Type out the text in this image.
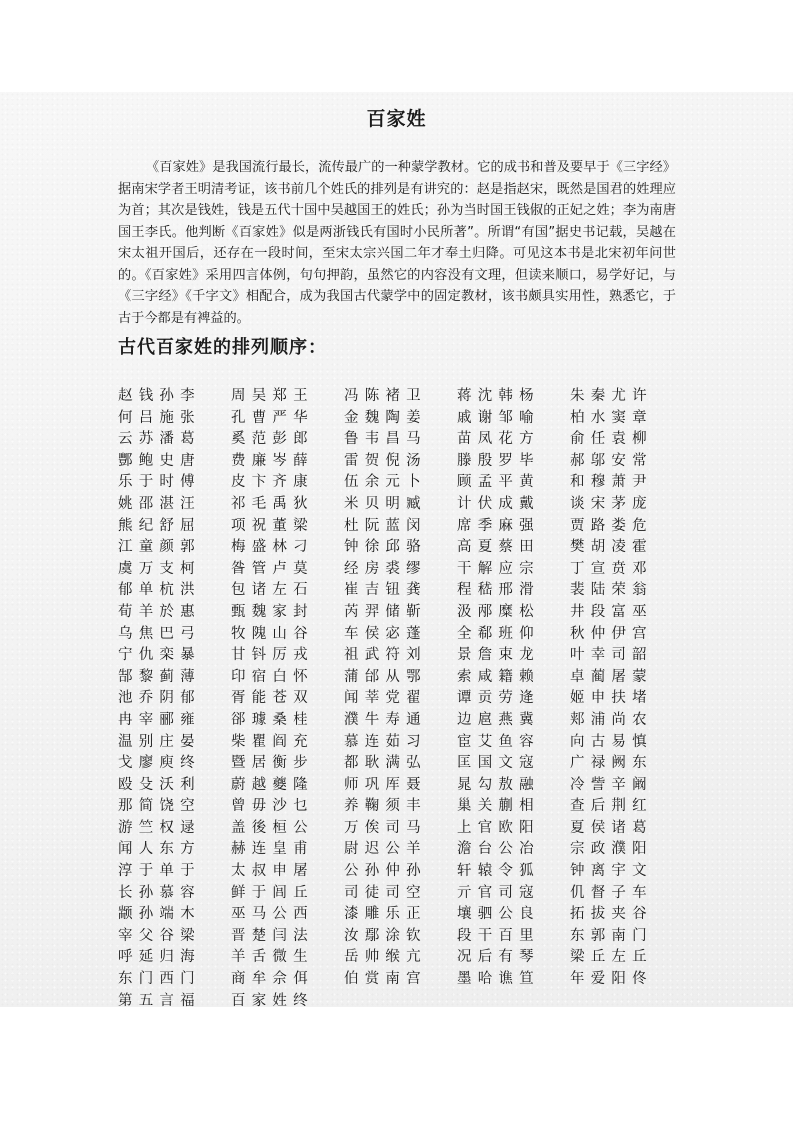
百家姓

《百家姓》是我国流行最长，流传最广的一种蒙学教材。它的成书和普及要早于《三字经》据南宋学者王明清考证，该书前几个姓氏的排列是有讲究的：赵是指赵宋，既然是国君的姓理应为首；其次是钱姓，钱是五代十国中吴越国王的姓氏；孙为当时国王钱俶的正妃之姓；李为南唐国王李氏。他判断《百家姓》似是两浙钱氏有国时小民所著”。所谓“有国”据史书记载，吴越在宋太祖开国后，还存在一段时间，至宋太宗兴国二年才奉土归降。可见这本书是北宋初年问世的。《百家姓》采用四言体例，句句押韵，虽然它的内容没有文理，但读来顺口，易学好记，与《三字经》《千字文》相配合，成为我国古代蒙学中的固定教材，该书颇具实用性，熟悉它，于古于今都是有裨益的。

古代百家姓的排列顺序：
赵钱孙李 周吴郑王 冯陈褚卫 蒋沈韩杨 朱秦尤许
何吕施张 孔曹严华 金魏陶姜 戚谢邹喻 柏水窦章
云苏潘葛 奚范彭郎 鲁韦昌马 苗凤花方 俞任袁柳
酆鲍史唐 费廉岑薛 雷贺倪汤 滕殷罗毕 郝邬安常
乐于时傅 皮卞齐康 伍余元卜 顾孟平黄 和穆萧尹
姚邵湛汪 祁毛禹狄 米贝明臧 计伏成戴 谈宋茅庞
熊纪舒屈 项祝董梁 杜阮蓝闵 席季麻强 贾路娄危
江童颜郭 梅盛林刁 钟徐邱骆 高夏蔡田 樊胡凌霍
虞万支柯 昝管卢莫 经房裘缪 干解应宗 丁宣贲邓
郁单杭洪 包诸左石 崔吉钮龚 程嵇邢滑 裴陆荣翁
荀羊於惠 甄魏家封 芮羿储靳 汲邴糜松 井段富巫
乌焦巴弓 牧隗山谷 车侯宓蓬 全郗班仰 秋仲伊宫
宁仇栾暴 甘钭厉戎 祖武符刘 景詹束龙 叶幸司韶
郜黎蓟薄 印宿白怀 蒲邰从鄂 索咸籍赖 卓蔺屠蒙
池乔阴郁 胥能苍双 闻莘党翟 谭贡劳逄 姬申扶堵
冉宰郦雍 郤璩桑桂 濮牛寿通 边扈燕冀 郏浦尚农
温别庄晏 柴瞿阎充 慕连茹习 宦艾鱼容 向古易慎
戈廖庾终 暨居衡步 都耿满弘 匡国文寇 广禄阙东
殴殳沃利 蔚越夔隆 师巩厍聂 晁勾敖融 冷訾辛阚
那简饶空 曾毋沙乜 养鞠须丰 巢关蒯相 查后荆红
游竺权逯 盖後桓公 万俟司马 上官欧阳 夏侯诸葛
闻人东方 赫连皇甫 尉迟公羊 澹台公冶 宗政濮阳
淳于单于 太叔申屠 公孙仲孙 轩辕令狐 钟离宇文
长孙慕容 鲜于闾丘 司徒司空 亓官司寇 仉督子车
颛孙端木 巫马公西 漆雕乐正 壤驷公良 拓拔夹谷
宰父谷梁 晋楚闫法 汝鄢涂钦 段干百里 东郭南门
呼延归海 羊舌微生 岳帅缑亢 况后有琴 梁丘左丘
东门西门 商牟佘佴 伯赏南宫 墨哈谯笪 年爱阳佟
第五言福 百家姓终
